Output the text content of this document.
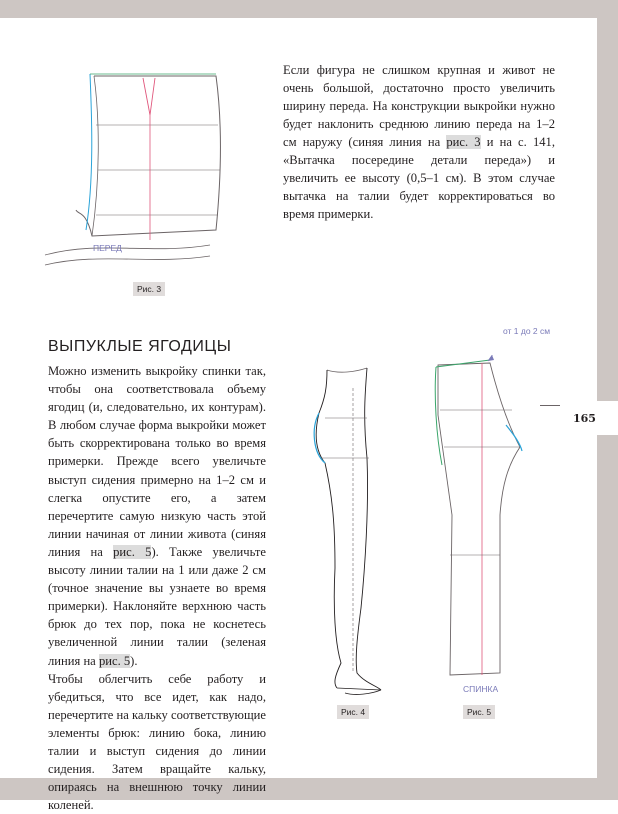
165
Если фигура не слишком крупная и живот не очень большой, достаточно просто увеличить ширину переда. На конструкции выкройки нужно будет наклонить среднюю линию переда на 1–2 см наружу (синяя линия на рис. 3 и на с. 141, «Вытачка посередине детали переда») и увеличить ее высоту (0,5–1 см). В этом случае вытачка на талии будет корректироваться во время примерки.
ПЕРЕД
Рис. 3
ВЫПУКЛЫЕ ЯГОДИЦЫ

Можно изменить выкройку спинки так, чтобы она соответствовала объему ягодиц (и, следовательно, их контурам). В любом случае форма выкройки может быть скорректирована только во время примерки. Прежде всего увеличьте выступ сидения примерно на 1–2 см и слегка опустите его, а затем перечертите самую низкую часть этой линии начиная от линии живота (синяя линия на рис. 5). Также увеличьте высоту линии талии на 1 или даже 2 см (точное значение вы узнаете во время примерки). Наклоняйте верхнюю часть брюк до тех пор, пока не коснетесь увеличенной линии талии (зеленая линия на рис. 5).

Чтобы облегчить себе работу и убедиться, что все идет, как надо, перечертите на кальку соответствующие элементы брюк: линию бока, линию талии и выступ сидения до линии сидения. Затем вращайте кальку, опираясь на внешнюю точку линии коленей.

Рис. 4
от 1 до 2 см
СПИНКА
Рис. 5
